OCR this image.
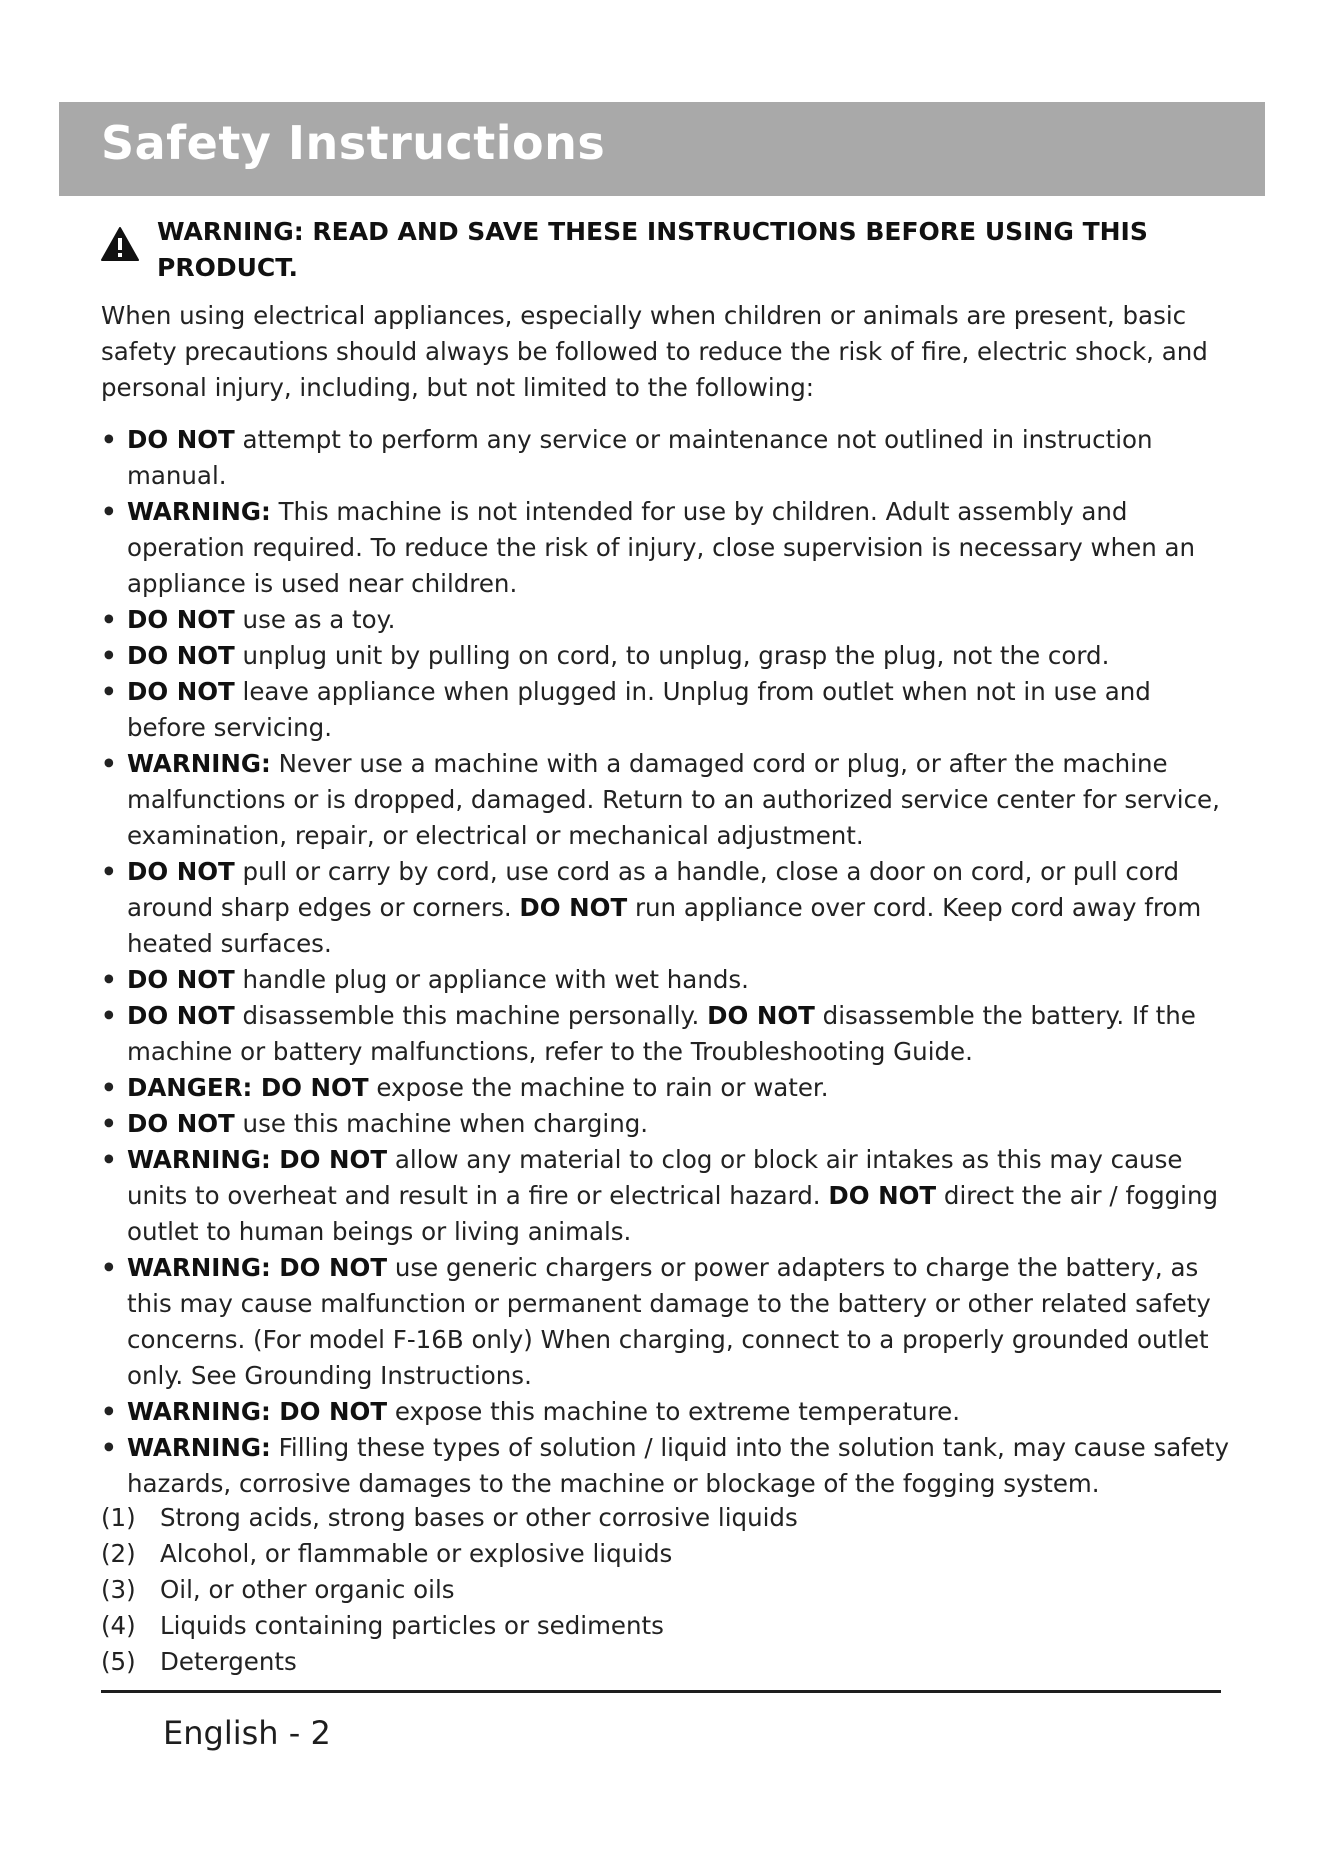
Safety Instructions
WARNING: READ AND SAVE THESE INSTRUCTIONS BEFORE USING THIS
PRODUCT.
When using electrical appliances, especially when children or animals are present, basic safety precautions should always be followed to reduce the risk of fire, electric shock, and personal injury, including, but not limited to the following:
• DO NOT attempt to perform any service or maintenance not outlined in instruction manual.
• WARNING: This machine is not intended for use by children. Adult assembly and operation required. To reduce the risk of injury, close supervision is necessary when an appliance is used near children.
• DO NOT use as a toy.
• DO NOT unplug unit by pulling on cord, to unplug, grasp the plug, not the cord.
• DO NOT leave appliance when plugged in. Unplug from outlet when not in use and before servicing.
• WARNING: Never use a machine with a damaged cord or plug, or after the machine malfunctions or is dropped, damaged. Return to an authorized service center for service, examination, repair, or electrical or mechanical adjustment.
• DO NOT pull or carry by cord, use cord as a handle, close a door on cord, or pull cord around sharp edges or corners. DO NOT run appliance over cord. Keep cord away from heated surfaces.
• DO NOT handle plug or appliance with wet hands.
• DO NOT disassemble this machine personally. DO NOT disassemble the battery. If the machine or battery malfunctions, refer to the Troubleshooting Guide.
• DANGER: DO NOT expose the machine to rain or water.
• DO NOT use this machine when charging.
• WARNING: DO NOT allow any material to clog or block air intakes as this may cause units to overheat and result in a fire or electrical hazard. DO NOT direct the air / fogging outlet to human beings or living animals.
• WARNING: DO NOT use generic chargers or power adapters to charge the battery, as this may cause malfunction or permanent damage to the battery or other related safety concerns. (For model F-16B only) When charging, connect to a properly grounded outlet only. See Grounding Instructions.
• WARNING: DO NOT expose this machine to extreme temperature.
• WARNING: Filling these types of solution / liquid into the solution tank, may cause safety hazards, corrosive damages to the machine or blockage of the fogging system.
(1) Strong acids, strong bases or other corrosive liquids
(2) Alcohol, or flammable or explosive liquids
(3) Oil, or other organic oils
(4) Liquids containing particles or sediments
(5) Detergents
English - 2
